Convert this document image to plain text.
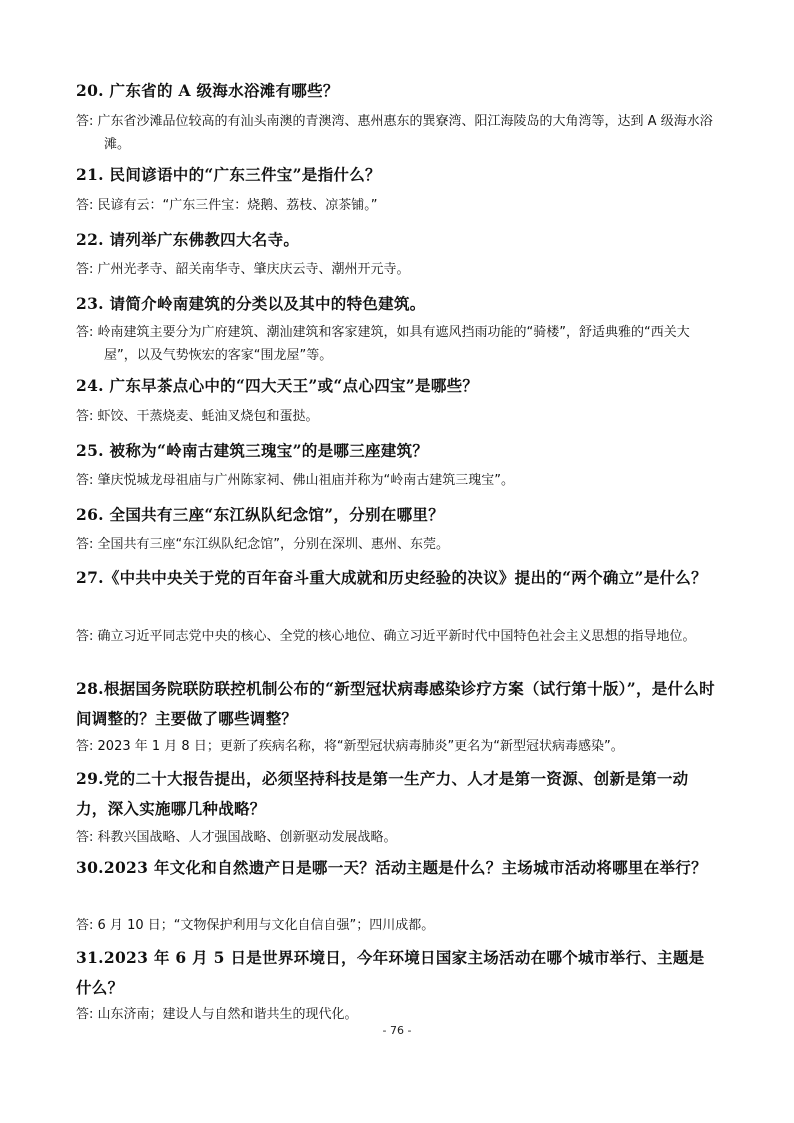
20. 广东省的 A 级海水浴滩有哪些？
答: 广东省沙滩品位较高的有汕头南澳的青澳湾、惠州惠东的巽寮湾、阳江海陵岛的大角湾等，达到 A 级海水浴滩。
21. 民间谚语中的“广东三件宝”是指什么？
答: 民谚有云：“广东三件宝：烧鹅、荔枝、凉茶铺。”
22. 请列举广东佛教四大名寺。
答: 广州光孝寺、韶关南华寺、肇庆庆云寺、潮州开元寺。
23. 请简介岭南建筑的分类以及其中的特色建筑。
答: 岭南建筑主要分为广府建筑、潮汕建筑和客家建筑，如具有遮风挡雨功能的“骑楼”，舒适典雅的“西关大屋”，以及气势恢宏的客家“围龙屋”等。
24. 广东早茶点心中的“四大天王”或“点心四宝”是哪些？
答: 虾饺、干蒸烧麦、蚝油叉烧包和蛋挞。
25. 被称为“岭南古建筑三瑰宝”的是哪三座建筑？
答: 肇庆悦城龙母祖庙与广州陈家祠、佛山祖庙并称为“岭南古建筑三瑰宝”。
26. 全国共有三座“东江纵队纪念馆”，分别在哪里？
答: 全国共有三座“东江纵队纪念馆”，分别在深圳、惠州、东莞。
27.《中共中央关于党的百年奋斗重大成就和历史经验的决议》提出的“两个确立”是什么？
答: 确立习近平同志党中央的核心、全党的核心地位、确立习近平新时代中国特色社会主义思想的指导地位。
28.根据国务院联防联控机制公布的“新型冠状病毒感染诊疗方案（试行第十版）”，是什么时间调整的？主要做了哪些调整？
答: 2023 年 1 月 8 日；更新了疾病名称，将“新型冠状病毒肺炎”更名为“新型冠状病毒感染”。
29.党的二十大报告提出，必须坚持科技是第一生产力、人才是第一资源、创新是第一动力，深入实施哪几种战略？
答: 科教兴国战略、人才强国战略、创新驱动发展战略。
30.2023 年文化和自然遗产日是哪一天？活动主题是什么？主场城市活动将哪里在举行？
答: 6 月 10 日；“文物保护利用与文化自信自强”；四川成都。
31.2023 年 6 月 5 日是世界环境日，今年环境日国家主场活动在哪个城市举行、主题是什么？
答: 山东济南；建设人与自然和谐共生的现代化。
- 76 -
